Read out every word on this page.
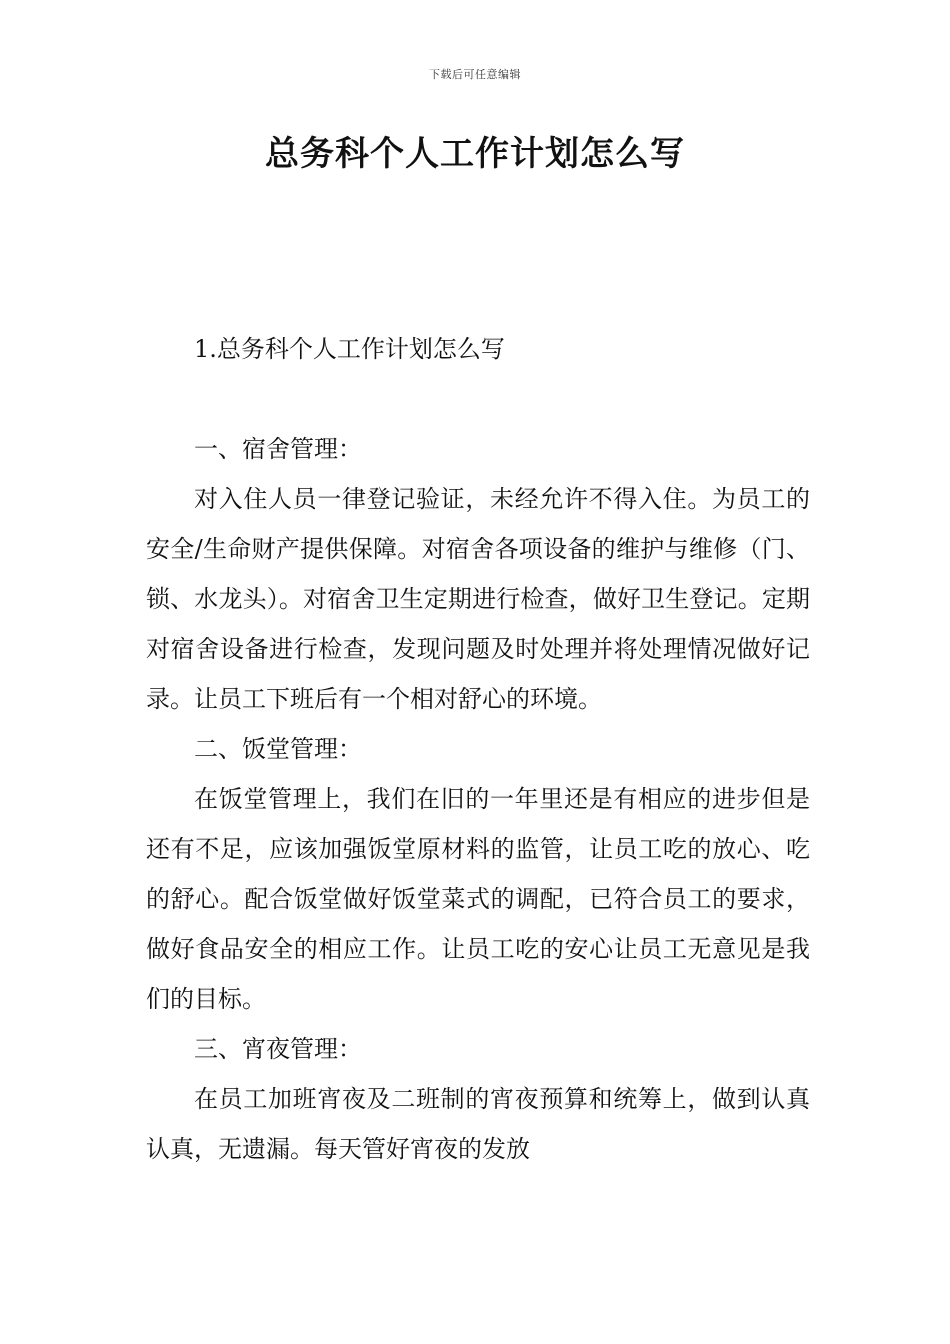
下载后可任意编辑
总务科个人工作计划怎么写

1.总务科个人工作计划怎么写

一、宿舍管理：

对入住人员一律登记验证，未经允许不得入住。为员工的安全/生命财产提供保障。对宿舍各项设备的维护与维修（门、锁、水龙头）。对宿舍卫生定期进行检查，做好卫生登记。定期对宿舍设备进行检查，发现问题及时处理并将处理情况做好记录。让员工下班后有一个相对舒心的环境。

二、饭堂管理：

在饭堂管理上，我们在旧的一年里还是有相应的进步但是还有不足，应该加强饭堂原材料的监管，让员工吃的放心、吃的舒心。配合饭堂做好饭堂菜式的调配，已符合员工的要求，做好食品安全的相应工作。让员工吃的安心让员工无意见是我们的目标。

三、宵夜管理：

在员工加班宵夜及二班制的宵夜预算和统筹上，做到认真认真，无遗漏。每天管好宵夜的发放
